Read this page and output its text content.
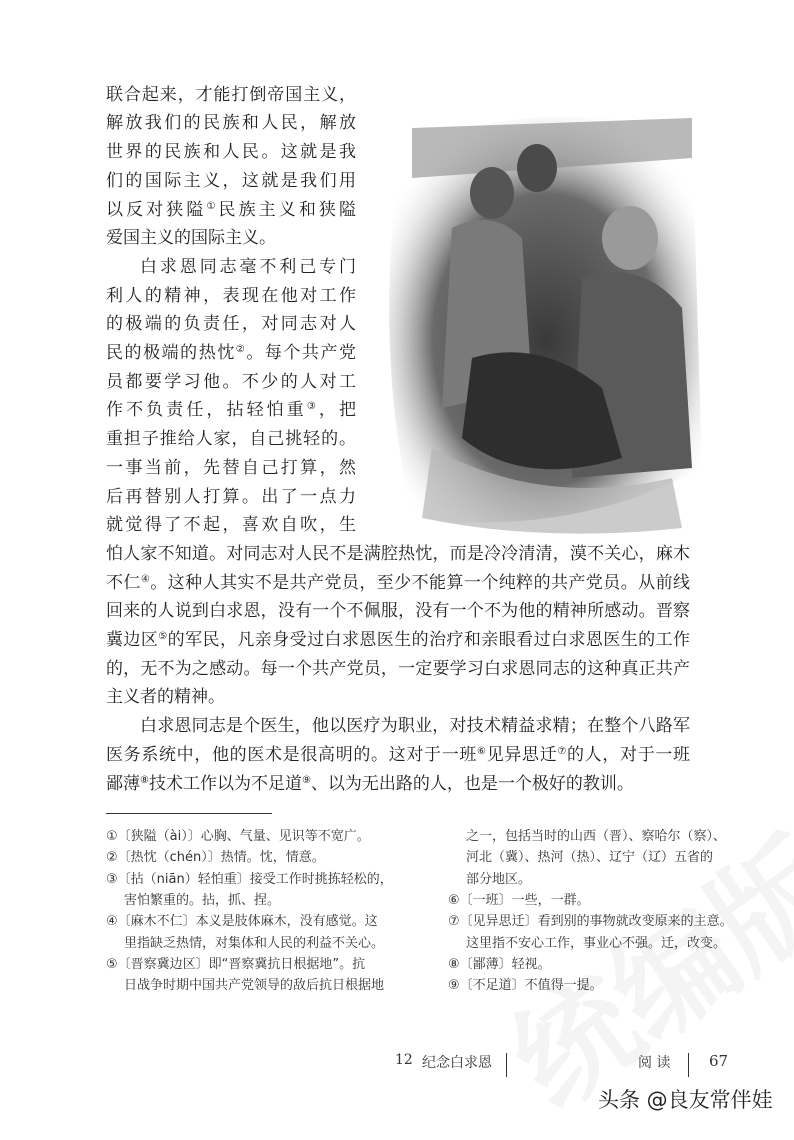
联合起来，才能打倒帝国主义，
解放我们的民族和人民，解放
世界的民族和人民。这就是我
们的国际主义，这就是我们用
以反对狭隘①民族主义和狭隘
爱国主义的国际主义。
白求恩同志毫不利己专门
利人的精神，表现在他对工作
的极端的负责任，对同志对人
民的极端的热忱②。每个共产党
员都要学习他。不少的人对工
作不负责任，拈轻怕重③，把
重担子推给人家，自己挑轻的。
一事当前，先替自己打算，然
后再替别人打算。出了一点力
就觉得了不起，喜欢自吹，生
怕人家不知道。对同志对人民不是满腔热忱，而是冷冷清清，漠不关心，麻木
不仁④。这种人其实不是共产党员，至少不能算一个纯粹的共产党员。从前线
回来的人说到白求恩，没有一个不佩服，没有一个不为他的精神所感动。晋察
冀边区⑤的军民，凡亲身受过白求恩医生的治疗和亲眼看过白求恩医生的工作
的，无不为之感动。每一个共产党员，一定要学习白求恩同志的这种真正共产
主义者的精神。
白求恩同志是个医生，他以医疗为职业，对技术精益求精；在整个八路军
医务系统中，他的医术是很高明的。这对于一班⑥见异思迁⑦的人，对于一班
鄙薄⑧技术工作以为不足道⑨、以为无出路的人，也是一个极好的教训。
①〔狭隘（ài）〕心胸、气量、见识等不宽广。
②〔热忱（chén）〕热情。忱，情意。
③〔拈（niān）轻怕重〕接受工作时挑拣轻松的，
害怕繁重的。拈，抓、捏。
④〔麻木不仁〕本义是肢体麻木，没有感觉。这
里指缺乏热情，对集体和人民的利益不关心。
⑤〔晋察冀边区〕即“晋察冀抗日根据地”。抗
日战争时期中国共产党领导的敌后抗日根据地
之一，包括当时的山西（晋）、察哈尔（察）、
河北（冀）、热河（热）、辽宁（辽）五省的
部分地区。
⑥〔一班〕一些，一群。
⑦〔见异思迁〕看到别的事物就改变原来的主意。
这里指不安心工作，事业心不强。迁，改变。
⑧〔鄙薄〕轻视。
⑨〔不足道〕不值得一提。
12 纪念白求恩	阅 读	67
头条 @良友常伴娃
